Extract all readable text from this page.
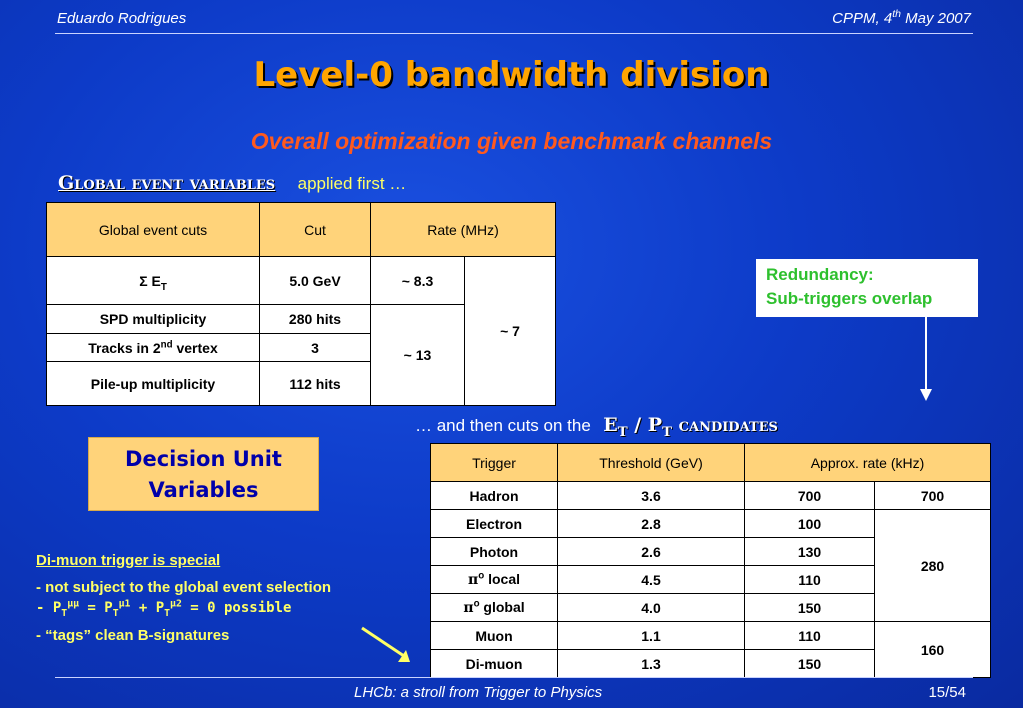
Eduardo Rodrigues	CPPM, 4th May 2007
Level-0 bandwidth division
Overall optimization given benchmark channels
Global event variables applied first …
Global event cuts	Cut	Rate (MHz)	
Σ $E_T$	5.0 GeV	~ 8.3	~ 7
SPD multiplicity	280 hits	~ 13	
Tracks in 2nd vertex	3		
Pile-up multiplicity	112 hits		
Redundancy:
Sub-triggers overlap
… and then cuts on the $E_T / P_T$ candidates
Decision Unit
Variables
Trigger	Threshold (GeV)	Approx. rate (kHz)	
Hadron	3.6	700	700
Electron	2.8	100	280
Photon	2.6	130	
$\pi^o$ local	4.5	110	
$\pi^o$ global	4.0	150	
Muon	1.1	110	160
Di-muon	1.3	150	
Di-muon trigger is special
- not subject to the global event selection
- $P_T^{\mu\mu} = P_T^{\mu 1} + P_T^{\mu 2} = 0$ possible
- “tags” clean B-signatures
LHCb: a stroll from Trigger to Physics	15/54
